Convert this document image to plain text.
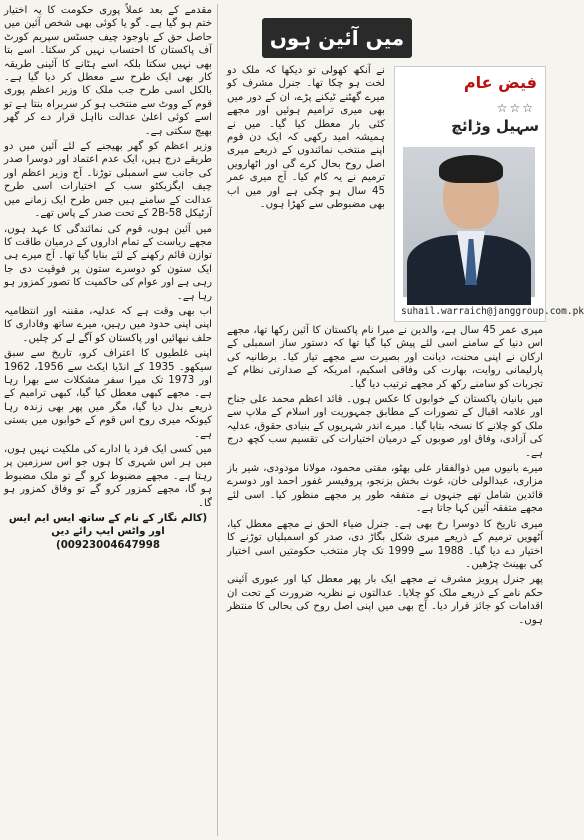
میں آئین ہوں
فیض عام
☆☆☆
سہیل وڑائچ
suhail.warraich@janggroup.com.pk

مقدمے کے بعد عملاً پوری حکومت کا یہ اختیار ختم ہو گیا ہے۔ گو یا کوئی بھی شخص آئین میں حاصل حق کے باوجود چیف جسٹس سپریم کورٹ آف پاکستان کا احتساب نہیں کر سکتا۔ اسے بتا بھی نہیں سکتا بلکہ اسے ہٹانے کا آئینی طریقہ کار بھی ایک طرح سے معطل کر دیا گیا ہے۔ بالکل اسی طرح جب ملک کا وزیر اعظم پوری قوم کے ووٹ سے منتخب ہو کر سربراہ بنتا ہے تو اسے کوئی اعلیٰ عدالت نااہل قرار دے کر گھر بھیج سکتی ہے۔

وزیر اعظم کو گھر بھیجنے کے لئے آئین میں دو طریقے درج ہیں، ایک عدم اعتماد اور دوسرا صدر کی جانب سے اسمبلی توڑنا۔ آج وزیر اعظم اور چیف ایگزیکٹو سب کے اختیارات اسی طرح عدالت کے سامنے ہیں جس طرح ایک زمانے میں آرٹیکل 58-2B کے تحت صدر کے پاس تھے۔

میں آئین ہوں، قوم کی نمائندگی کا عہد ہوں، مجھے ریاست کے تمام اداروں کے درمیان طاقت کا توازن قائم رکھنے کے لئے بنایا گیا تھا۔ آج میرے ہی ایک ستون کو دوسرے ستون پر فوقیت دی جا رہی ہے اور عوام کی حاکمیت کا تصور کمزور ہو رہا ہے۔

اب بھی وقت ہے کہ عدلیہ، مقننہ اور انتظامیہ اپنی اپنی حدود میں رہیں، میرے ساتھ وفاداری کا حلف نبھائیں اور پاکستان کو آگے لے کر چلیں۔

اپنی غلطیوں کا اعتراف کرو، تاریخ سے سبق سیکھو۔ 1935 کے انڈیا ایکٹ سے 1956، 1962 اور 1973 تک میرا سفر مشکلات سے بھرا رہا ہے۔ مجھے کبھی معطل کیا گیا، کبھی ترامیم کے ذریعے بدل دیا گیا، مگر میں پھر بھی زندہ رہا کیونکہ میری روح اس قوم کے خوابوں میں بستی ہے۔

میں کسی ایک فرد یا ادارے کی ملکیت نہیں ہوں، میں ہر اس شہری کا ہوں جو اس سرزمین پر رہتا ہے۔ مجھے مضبوط کرو گے تو ملک مضبوط ہو گا، مجھے کمزور کرو گے تو وفاق کمزور ہو گا۔

(کالم نگار کے نام کے ساتھ ایس ایم ایس اور واٹس ایپ رائے دیں 00923004647998)

نے آنکھ کھولی تو دیکھا کہ ملک دو لخت ہو چکا تھا۔ جنرل مشرف کو میرے گھٹنے ٹیکنے پڑے، ان کے دور میں بھی میری ترامیم ہوئیں اور مجھے کئی بار معطل کیا گیا۔ میں نے ہمیشہ امید رکھی کہ ایک دن قوم اپنے منتخب نمائندوں کے ذریعے میری اصل روح بحال کرے گی اور اٹھارویں ترمیم نے یہ کام کیا۔ آج میری عمر 45 سال ہو چکی ہے اور میں اب بھی مضبوطی سے کھڑا ہوں۔

میری عمر 45 سال ہے، والدین نے میرا نام پاکستان کا آئین رکھا تھا، مجھے اس دنیا کے سامنے اسی لئے پیش کیا گیا تھا کہ دستور ساز اسمبلی کے ارکان نے اپنی محنت، دیانت اور بصیرت سے مجھے تیار کیا۔ برطانیہ کی پارلیمانی روایت، بھارت کی وفاقی اسکیم، امریکہ کے صدارتی نظام کے تجربات کو سامنے رکھ کر مجھے ترتیب دیا گیا۔

میں بانیان پاکستان کے خوابوں کا عکس ہوں۔ قائد اعظم محمد علی جناح اور علامہ اقبال کے تصورات کے مطابق جمہوریت اور اسلام کے ملاپ سے ملک کو چلانے کا نسخہ بتایا گیا۔ میرے اندر شہریوں کے بنیادی حقوق، عدلیہ کی آزادی، وفاق اور صوبوں کے درمیان اختیارات کی تقسیم سب کچھ درج ہے۔

میرے بانیوں میں ذوالفقار علی بھٹو، مفتی محمود، مولانا مودودی، شیر باز مزاری، عبدالولی خان، غوث بخش بزنجو، پروفیسر غفور احمد اور دوسرے قائدین شامل تھے جنہوں نے متفقہ طور پر مجھے منظور کیا۔ اسی لئے مجھے متفقہ آئین کہا جاتا ہے۔

میری تاریخ کا دوسرا رخ بھی ہے۔ جنرل ضیاء الحق نے مجھے معطل کیا، آٹھویں ترمیم کے ذریعے میری شکل بگاڑ دی، صدر کو اسمبلیاں توڑنے کا اختیار دے دیا گیا۔ 1988 سے 1999 تک چار منتخب حکومتیں اسی اختیار کی بھینٹ چڑھیں۔

پھر جنرل پرویز مشرف نے مجھے ایک بار پھر معطل کیا اور عبوری آئینی حکم نامے کے ذریعے ملک کو چلایا۔ عدالتوں نے نظریہ ضرورت کے تحت ان اقدامات کو جائز قرار دیا۔ آج بھی میں اپنی اصل روح کی بحالی کا منتظر ہوں۔
